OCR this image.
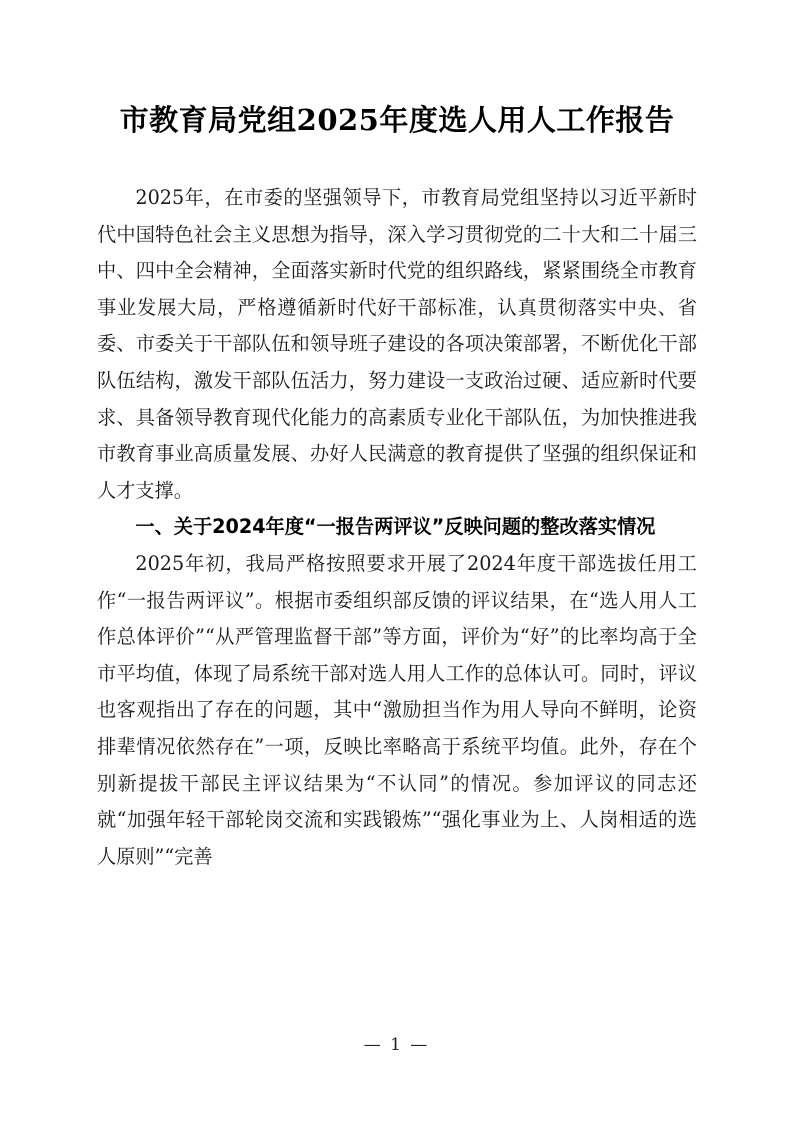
市教育局党组2025年度选人用人工作报告

2025年，在市委的坚强领导下，市教育局党组坚持以习近平新时代中国特色社会主义思想为指导，深入学习贯彻党的二十大和二十届三中、四中全会精神，全面落实新时代党的组织路线，紧紧围绕全市教育事业发展大局，严格遵循新时代好干部标准，认真贯彻落实中央、省委、市委关于干部队伍和领导班子建设的各项决策部署，不断优化干部队伍结构，激发干部队伍活力，努力建设一支政治过硬、适应新时代要求、具备领导教育现代化能力的高素质专业化干部队伍，为加快推进我市教育事业高质量发展、办好人民满意的教育提供了坚强的组织保证和人才支撑。

一、关于2024年度“一报告两评议”反映问题的整改落实情况

2025年初，我局严格按照要求开展了2024年度干部选拔任用工作“一报告两评议”。根据市委组织部反馈的评议结果，在“选人用人工作总体评价”“从严管理监督干部”等方面，评价为“好”的比率均高于全市平均值，体现了局系统干部对选人用人工作的总体认可。同时，评议也客观指出了存在的问题，其中“激励担当作为用人导向不鲜明，论资排辈情况依然存在”一项，反映比率略高于系统平均值。此外，存在个别新提拔干部民主评议结果为“不认同”的情况。参加评议的同志还就“加强年轻干部轮岗交流和实践锻炼”“强化事业为上、人岗相适的选人原则”“完善

— 1 —
